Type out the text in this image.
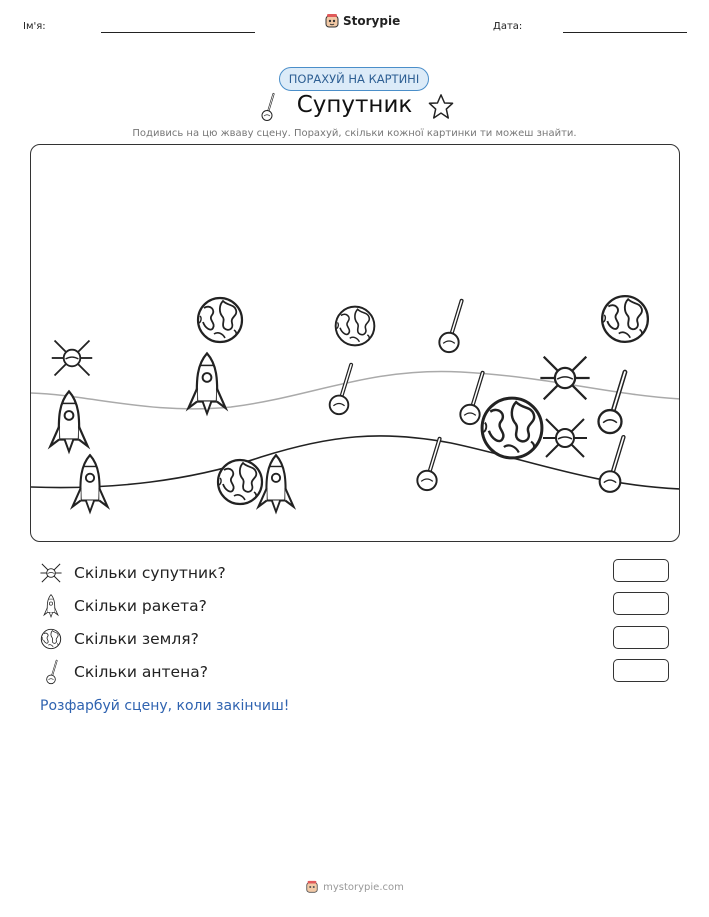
Ім'я:	Storypie	Дата:
ПОРАХУЙ НА КАРТИНІ
Супутник
Подивись на цю жваву сцену. Порахуй, скільки кожної картинки ти можеш знайти.
Скільки супутник?
Скільки ракета?
Скільки земля?
Скільки антена?
Розфарбуй сцену, коли закінчиш!
mystorypie.com
